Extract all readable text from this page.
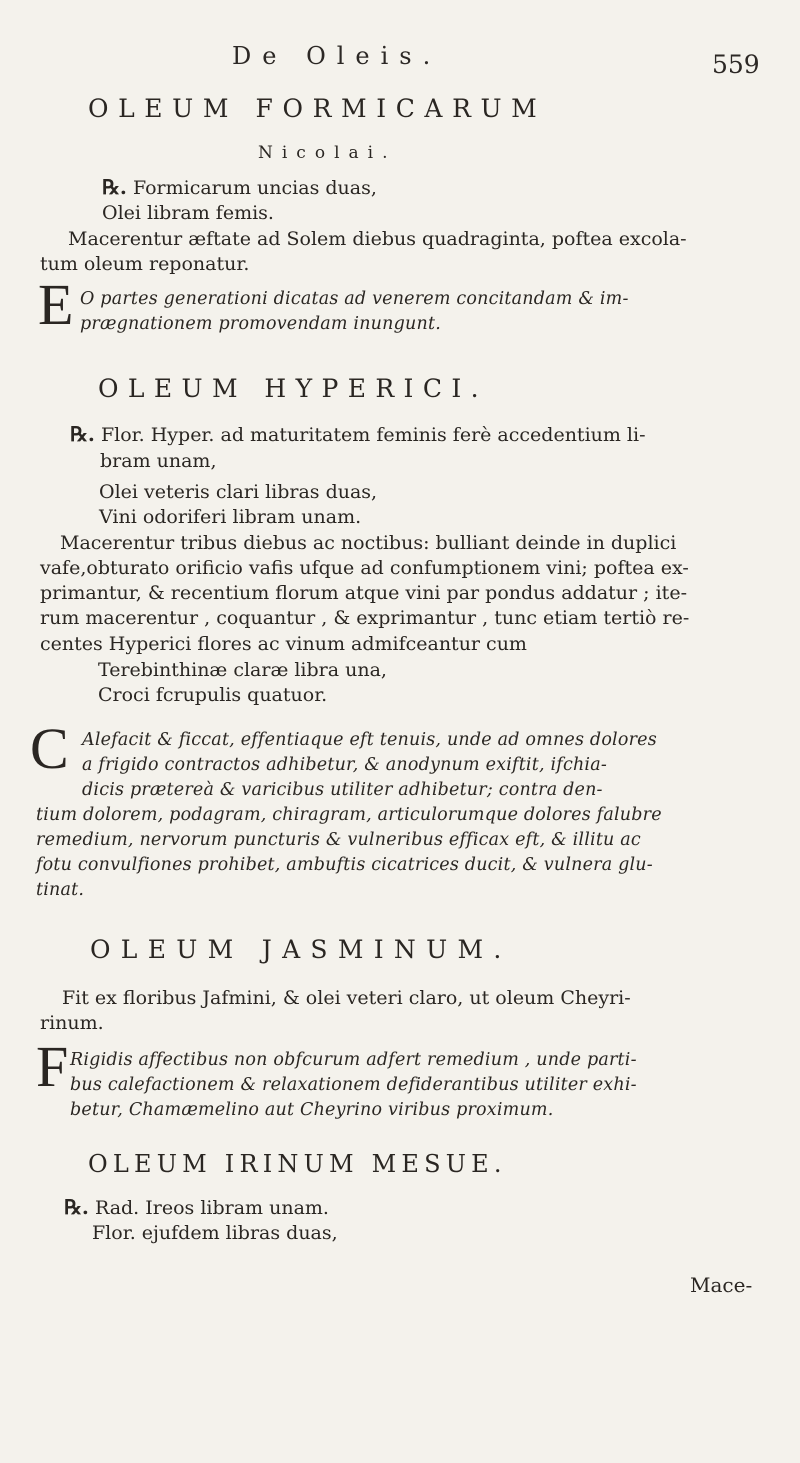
De Oleis.	559
OLEUM FORMICARUM
Nicolai.
℞. Formicarum uncias duas,
Olei libram femis.
Macerentur æftate ad Solem diebus quadraginta, poftea excola-
tum oleum reponatur.
E O partes generationi dicatas ad venerem concitandam & im-
prægnationem promovendam inungunt.
OLEUM HYPERICI.
℞. Flor. Hyper. ad maturitatem feminis ferè accedentium li-
bram unam,
Olei veteris clari libras duas,
Vini odoriferi libram unam.
Macerentur tribus diebus ac noctibus: bulliant deinde in duplici
vafe,obturato orificio vafis ufque ad confumptionem vini; poftea ex-
primantur, & recentium florum atque vini par pondus addatur ; ite-
rum macerentur , coquantur , & exprimantur , tunc etiam tertiò re-
centes Hyperici flores ac vinum admifceantur cum
Terebinthinæ claræ libra una,
Croci fcrupulis quatuor.
C Alefacit & ficcat, effentiaque eft tenuis, unde ad omnes dolores
a frigido contractos adhibetur, & anodynum exiftit, ifchia-
dicis prætereà & varicibus utiliter adhibetur; contra den-
tium dolorem, podagram, chiragram, articulorumque dolores falubre
remedium, nervorum puncturis & vulneribus efficax eft, & illitu ac
fotu convulfiones prohibet, ambuftis cicatrices ducit, & vulnera glu-
tinat.
OLEUM JASMINUM.
Fit ex floribus Jafmini, & olei veteri claro, ut oleum Cheyri-
rinum.
F Rigidis affectibus non obfcurum adfert remedium , unde parti-
bus calefactionem & relaxationem defiderantibus utiliter exhi-
betur, Chamæmelino aut Cheyrino viribus proximum.
OLEUM IRINUM MESUE.
℞. Rad. Ireos libram unam.
Flor. ejufdem libras duas,
Mace-
